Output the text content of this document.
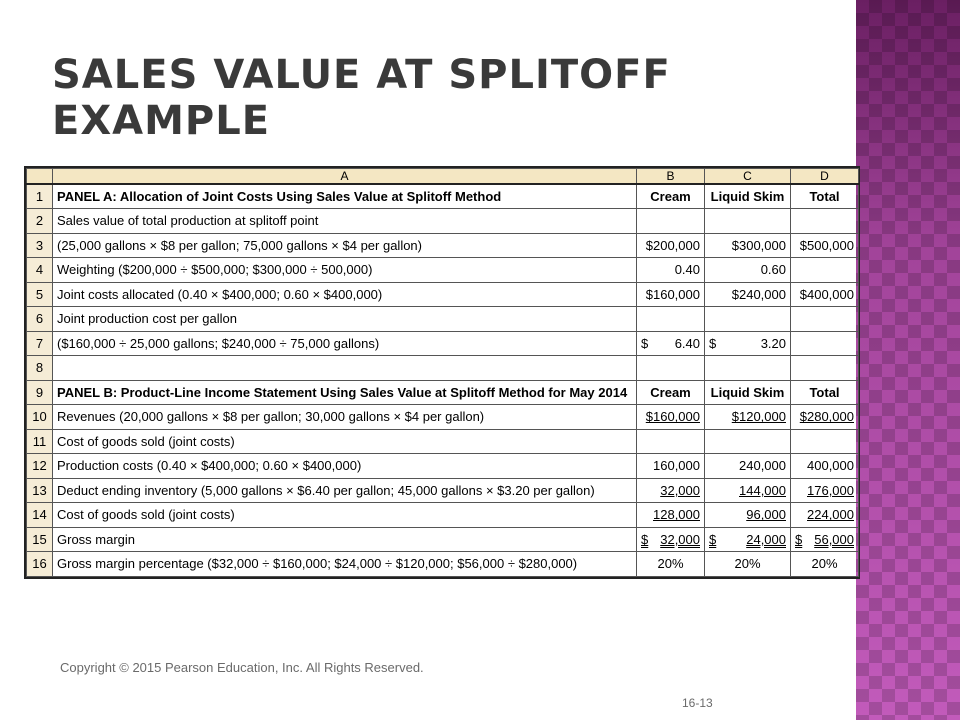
SALES VALUE AT SPLITOFF
EXAMPLE
	A	B	C	D
1	PANEL A: Allocation of Joint Costs Using Sales Value at Splitoff Method	Cream	Liquid Skim	Total
2	Sales value of total production at splitoff point			
3	(25,000 gallons × $8 per gallon; 75,000 gallons × $4 per gallon)	$200,000	$300,000	$500,000
4	Weighting ($200,000 ÷ $500,000; $300,000 ÷ 500,000)	0.40	0.60	
5	Joint costs allocated (0.40 × $400,000; 0.60 × $400,000)	$160,000	$240,000	$400,000
6	Joint production cost per gallon			
7	($160,000 ÷ 25,000 gallons; $240,000 ÷ 75,000 gallons)	$ 6.40	$ 3.20	

8				
9	PANEL B: Product-Line Income Statement Using Sales Value at Splitoff Method for May 2014	Cream	Liquid Skim	Total
10	Revenues (20,000 gallons × $8 per gallon; 30,000 gallons × $4 per gallon)	$160,000	$120,000	$280,000
11	Cost of goods sold (joint costs)			
12	Production costs (0.40 × $400,000; 0.60 × $400,000)	160,000	240,000	400,000
13	Deduct ending inventory (5,000 gallons × $6.40 per gallon; 45,000 gallons × $3.20 per gallon)	32,000	144,000	176,000
14	Cost of goods sold (joint costs)	128,000	96,000	224,000
15	Gross margin	$ 32,000	$ 24,000	$ 56,000

16	Gross margin percentage ($32,000 ÷ $160,000; $24,000 ÷ $120,000; $56,000 ÷ $280,000)	20%	20%	20%
Copyright © 2015 Pearson Education, Inc. All Rights Reserved.
16-13
